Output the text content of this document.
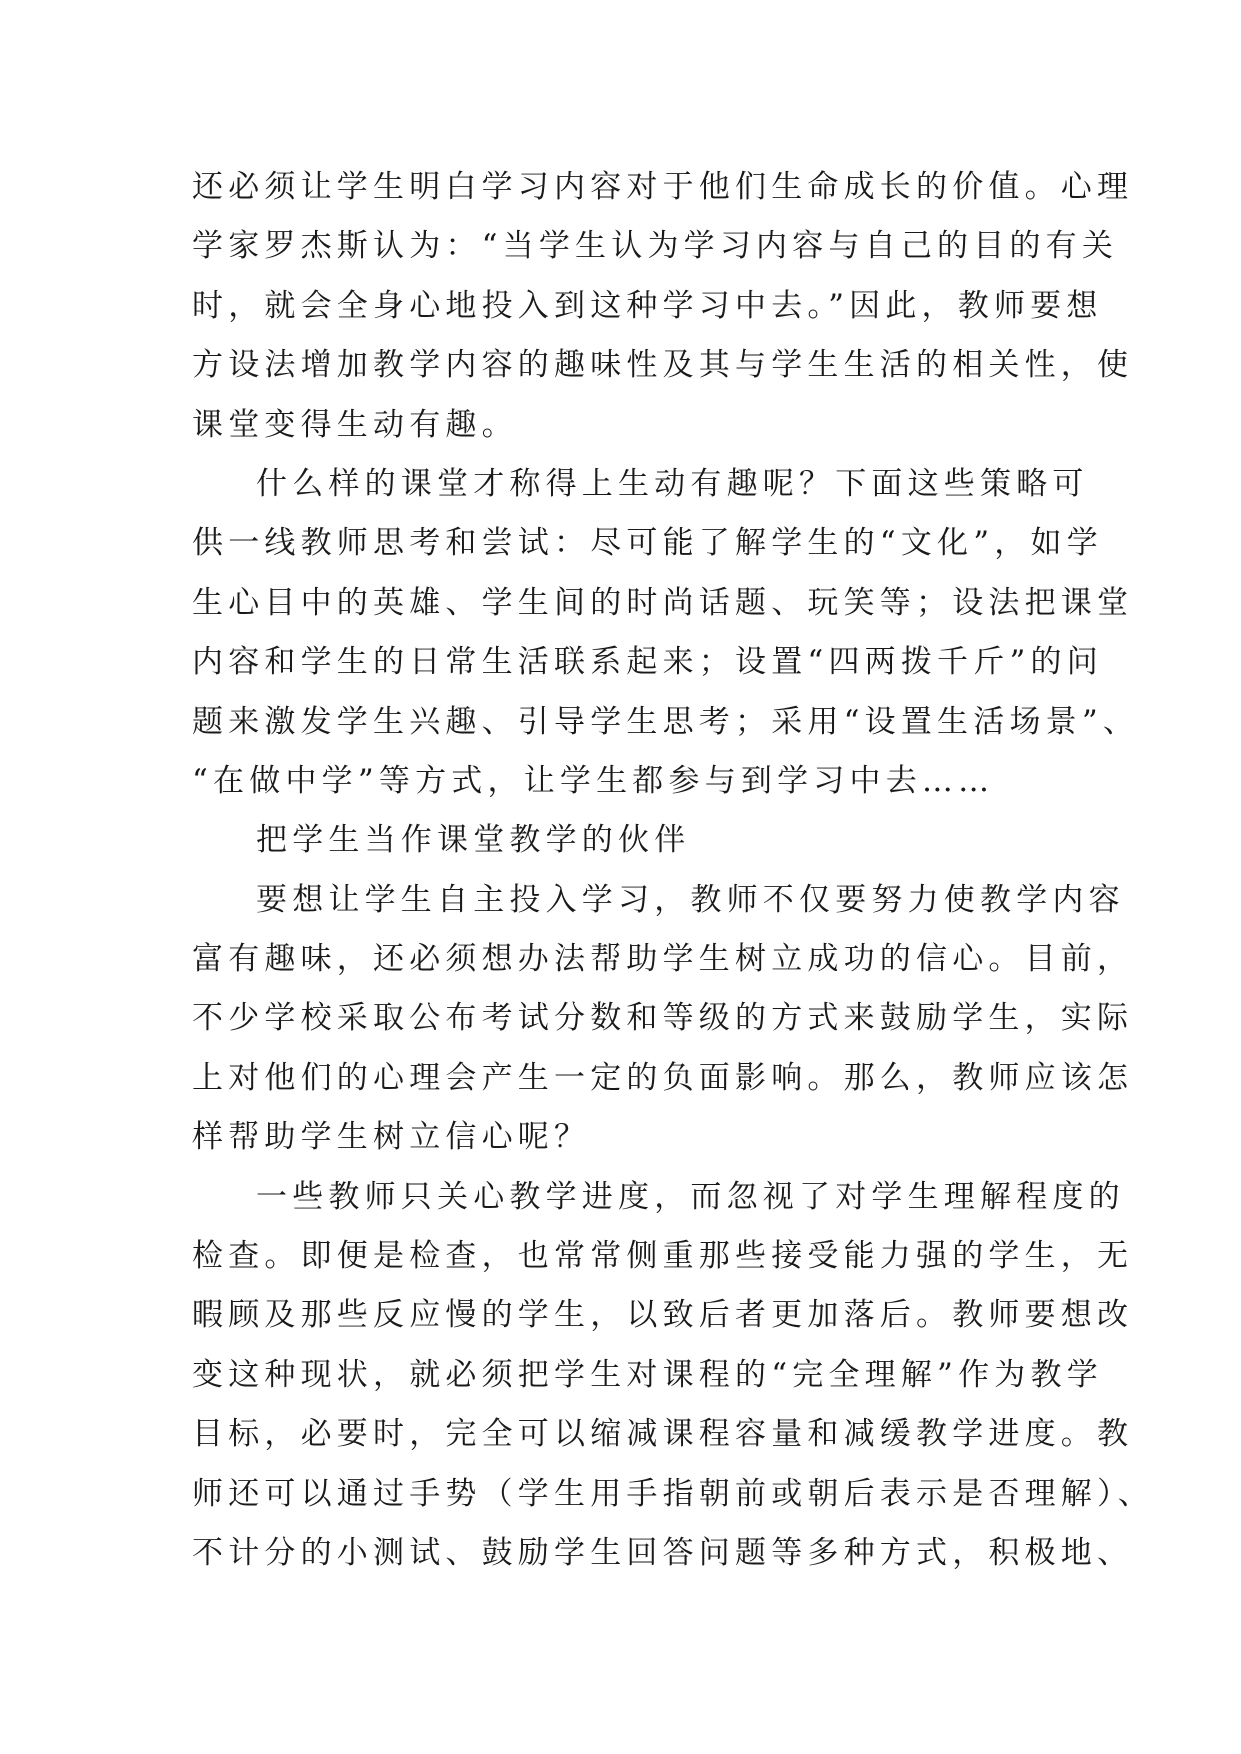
还必须让学生明白学习内容对于他们生命成长的价值。心理
学家罗杰斯认为：“当学生认为学习内容与自己的目的有关
时，就会全身心地投入到这种学习中去。”因此，教师要想
方设法增加教学内容的趣味性及其与学生生活的相关性，使
课堂变得生动有趣。
什么样的课堂才称得上生动有趣呢？下面这些策略可
供一线教师思考和尝试：尽可能了解学生的“文化”，如学
生心目中的英雄、学生间的时尚话题、玩笑等；设法把课堂
内容和学生的日常生活联系起来；设置“四两拨千斤”的问
题来激发学生兴趣、引导学生思考；采用“设置生活场景”、
“在做中学”等方式，让学生都参与到学习中去……
把学生当作课堂教学的伙伴
要想让学生自主投入学习，教师不仅要努力使教学内容
富有趣味，还必须想办法帮助学生树立成功的信心。目前，
不少学校采取公布考试分数和等级的方式来鼓励学生，实际
上对他们的心理会产生一定的负面影响。那么，教师应该怎
样帮助学生树立信心呢？
一些教师只关心教学进度，而忽视了对学生理解程度的
检查。即便是检查，也常常侧重那些接受能力强的学生，无
暇顾及那些反应慢的学生，以致后者更加落后。教师要想改
变这种现状，就必须把学生对课程的“完全理解”作为教学
目标，必要时，完全可以缩减课程容量和减缓教学进度。教
师还可以通过手势（学生用手指朝前或朝后表示是否理解）、
不计分的小测试、鼓励学生回答问题等多种方式，积极地、
